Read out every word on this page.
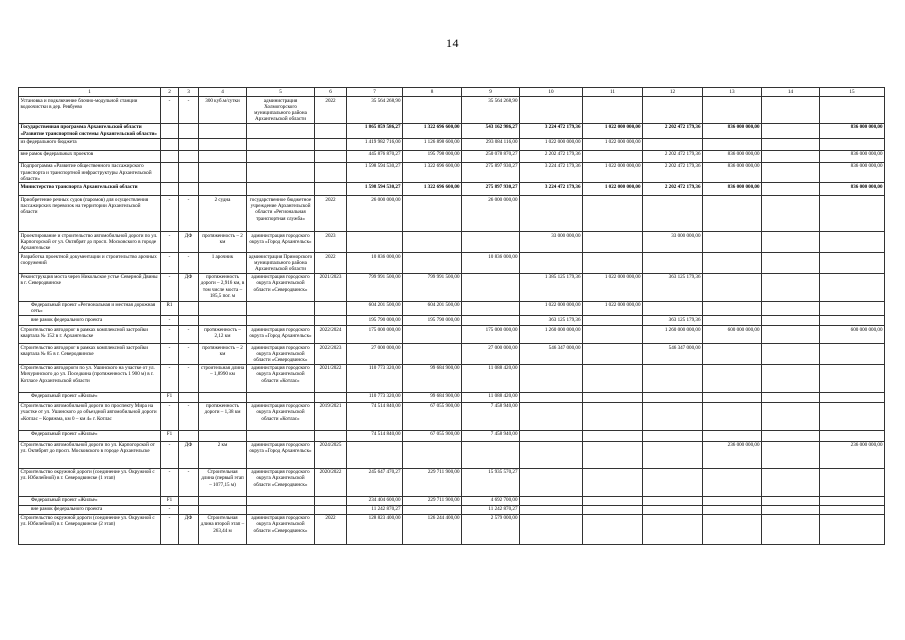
14
1	2	3	4	5	6	7	8	9	10	11	12	13	14	15
Установка и подключение блочно-модульной станции водоочистки в дер. Ревбуево	-	-	300 куб.м/сутки	администрация Холмогорского муниципального района Архангельской области	2022	35 564 268,90		35 564 268,90						
Государственная программа Архангельской области «Развитие транспортной системы Архангельской области»						1 865 859 586,27	1 322 696 600,00	543 162 986,27	3 224 472 179,36	1 022 000 000,00	2 202 472 179,36	836 000 000,00		836 000 000,00
из федерального бюджета						1 419 982 716,00	1 126 898 600,00	293 084 116,00	1 022 000 000,00	1 022 000 000,00				
вне рамок федеральных проектов						445 876 870,27	195 798 000,00	250 078 870,27	2 202 472 179,36		2 202 472 179,36	836 000 000,00		836 000 000,00
Подпрограмма «Развитие общественного пассажирского транспорта и транспортной инфраструктуры Архангельской области»						1 598 594 530,27	1 322 696 600,00	275 897 930,27	3 224 472 179,36	1 022 000 000,00	2 202 472 179,36	836 000 000,00		836 000 000,00
Министерство транспорта Архангельской области						1 598 594 530,27	1 322 696 600,00	275 897 930,27	3 224 472 179,36	1 022 000 000,00	2 202 472 179,36	836 000 000,00		836 000 000,00
Приобретение речных судов (паромов) для осуществления пассажирских перевозок на территории Архангельской области	-	-	2 судна	государственное бюджетное учреждение Архангельской области «Региональная транспортная служба»	2022	26 000 000,00		26 000 000,00						
Проектирование и строительство автомобильной дороги по ул. Карпогорской от ул. Октябрят до просп. Московского в городе Архангельске	-	ДФ	протяженность – 2 км	администрация городского округа «Город Архангельск»	2023				33 000 000,00		33 000 000,00			
Разработка проектной документации и строительство арочных сооружений	-	-	1 арочник	администрация Приморского муниципального района Архангельской области	2022	10 836 000,00		10 836 000,00						
Реконструкция моста через Никольское устье Северной Двины в г. Северодвинске	-	ДФ	протяженность дороги – 2,916 км, в том числе моста – 185,5 пог. м	администрация городского округа Архангельской области «Северодвинск»	2021/2023	799 991 500,00	799 991 500,00		1 385 125 179,36	1 022 000 000,00	363 125 179,36			
Федеральный проект «Региональная и местная дорожная сеть»	R1					604 201 500,00	604 201 500,00		1 022 000 000,00	1 022 000 000,00				
вне рамок федерального проекта	-					195 790 000,00	195 790 000,00		363 125 179,36		363 125 179,36			
Строительство автодорог в рамках комплексной застройки квартала № 152 в г. Архангельске	-	-	протяженность – 2,12 км	администрация городского округа «Город Архангельск»	2022/2024	175 000 000,00		175 000 000,00	1 260 000 000,00		1 260 000 000,00	600 000 000,00		600 000 000,00
Строительство автодорог в рамках комплексной застройки квартала № 85 в г. Северодвинске	-	-	протяженность – 2 км	администрация городского округа Архангельской области «Северодвинск»	2022/2023	27 000 000,00		27 000 000,00	546 347 000,00		546 347 000,00			
Строительство автодороги по ул. Ушинского на участке от ул. Мичуринского до ул. Поседкина (протяженность 1 900 м) в г. Котласе Архангельской области	-	-	строительная длина – 1,8990 км	администрация городского округа Архангельской области «Котлас»	2021/2022	110 773 320,00	99 684 900,00	11 088 420,00						
Федеральный проект «Жилье»	F1					110 773 320,00	99 684 900,00	11 088 420,00						
Строительство автомобильной дороги по проспекту Мира на участке от ул. Ушинского до объездной автомобильной дороги «Котлас – Коряжма, км 0 – км 4» г. Котлас	-	-	протяженность дороги – 1,38 км	администрация городского округа Архангельской области «Котлас»	2019/2021	74 514 840,00	67 055 900,00	7 458 940,00						
Федеральный проект «Жилье»	F1					74 514 840,00	67 055 900,00	7 458 940,00						
Строительство автомобильной дороги по ул. Карпогорской от ул. Октябрят до просп. Московского в городе Архангельске	-	ДФ	2 км	администрация городского округа «Город Архангельск»	2024/2025							236 000 000,00		236 000 000,00
Строительство окружной дороги (соединение ул. Окружной с ул. Юбилейной) в г. Северодвинске (1 этап)	-	-	Строительная длина (первый этап – 1077,15 м)	администрация городского округа Архангельской области «Северодвинск»	2020/2022	245 647 470,27	229 711 900,00	15 935 570,27						
Федеральный проект «Жилье»	F1					234 404 600,00	229 711 900,00	4 692 700,00						
вне рамок федерального проекта	-					11 242 870,27		11 242 870,27						
Строительство окружной дороги (соединение ул. Окружной с ул. Юбилейной) в г. Северодвинске (2 этап)	-	ДФ	Строительная длина второй этап – 263,44 м	администрация городского округа Архангельской области «Северодвинск»	2022	128 823 400,00	126 244 400,00	2 579 000,00						
